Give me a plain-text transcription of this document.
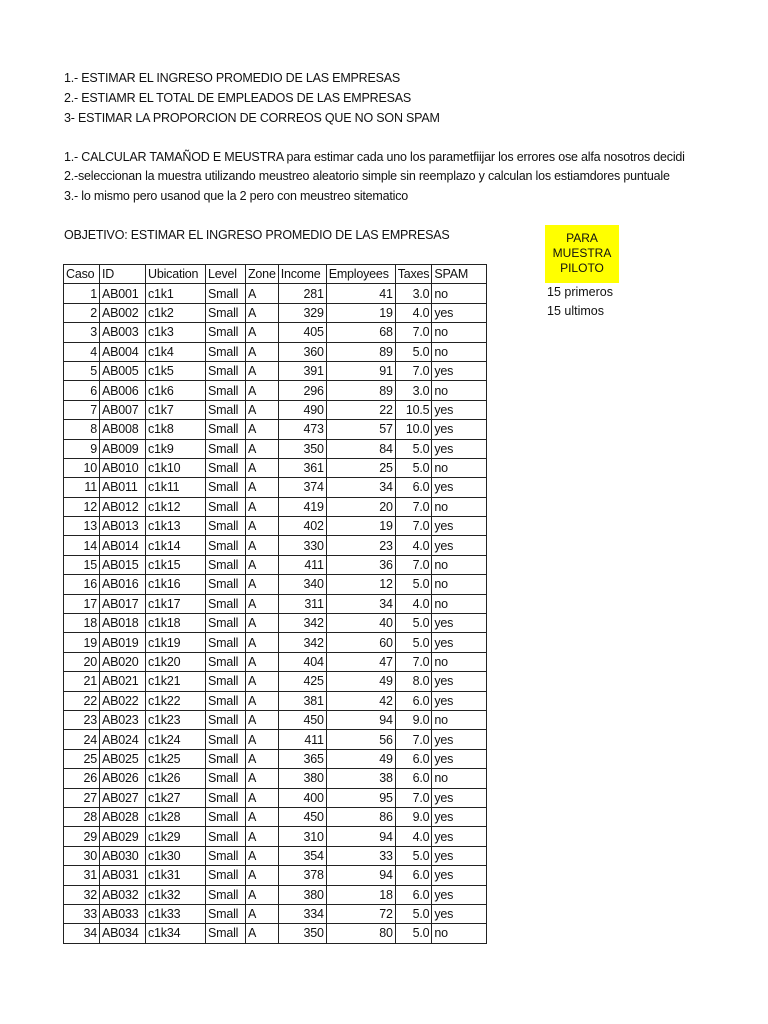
1.- ESTIMAR EL INGRESO PROMEDIO DE LAS EMPRESAS
2.- ESTIAMR EL TOTAL DE EMPLEADOS DE LAS EMPRESAS
3- ESTIMAR LA PROPORCION DE CORREOS QUE NO SON SPAM
1.- CALCULAR TAMAÑOD E MEUSTRA para estimar cada uno los parametfiijar los errores ose alfa nosotros decidi
2.-seleccionan la muestra utilizando meustreo aleatorio simple sin reemplazo y calculan los estiamdores puntuale
3.- lo mismo pero usanod que la 2 pero con meustreo sitematico
OBJETIVO: ESTIMAR EL INGRESO PROMEDIO DE LAS EMPRESAS	PARA
MUESTRA
PILOTO
15 primeros
15 ultimos
Caso	ID	Ubication	Level	Zone	Income	Employees	Taxes	SPAM
1	AB001	c1k1	Small	A	281	41	3.0	no
2	AB002	c1k2	Small	A	329	19	4.0	yes
3	AB003	c1k3	Small	A	405	68	7.0	no
4	AB004	c1k4	Small	A	360	89	5.0	no
5	AB005	c1k5	Small	A	391	91	7.0	yes
6	AB006	c1k6	Small	A	296	89	3.0	no
7	AB007	c1k7	Small	A	490	22	10.5	yes
8	AB008	c1k8	Small	A	473	57	10.0	yes
9	AB009	c1k9	Small	A	350	84	5.0	yes
10	AB010	c1k10	Small	A	361	25	5.0	no
11	AB011	c1k11	Small	A	374	34	6.0	yes
12	AB012	c1k12	Small	A	419	20	7.0	no
13	AB013	c1k13	Small	A	402	19	7.0	yes
14	AB014	c1k14	Small	A	330	23	4.0	yes
15	AB015	c1k15	Small	A	411	36	7.0	no
16	AB016	c1k16	Small	A	340	12	5.0	no
17	AB017	c1k17	Small	A	311	34	4.0	no
18	AB018	c1k18	Small	A	342	40	5.0	yes
19	AB019	c1k19	Small	A	342	60	5.0	yes
20	AB020	c1k20	Small	A	404	47	7.0	no
21	AB021	c1k21	Small	A	425	49	8.0	yes
22	AB022	c1k22	Small	A	381	42	6.0	yes
23	AB023	c1k23	Small	A	450	94	9.0	no
24	AB024	c1k24	Small	A	411	56	7.0	yes
25	AB025	c1k25	Small	A	365	49	6.0	yes
26	AB026	c1k26	Small	A	380	38	6.0	no
27	AB027	c1k27	Small	A	400	95	7.0	yes
28	AB028	c1k28	Small	A	450	86	9.0	yes
29	AB029	c1k29	Small	A	310	94	4.0	yes
30	AB030	c1k30	Small	A	354	33	5.0	yes
31	AB031	c1k31	Small	A	378	94	6.0	yes
32	AB032	c1k32	Small	A	380	18	6.0	yes
33	AB033	c1k33	Small	A	334	72	5.0	yes
34	AB034	c1k34	Small	A	350	80	5.0	no
